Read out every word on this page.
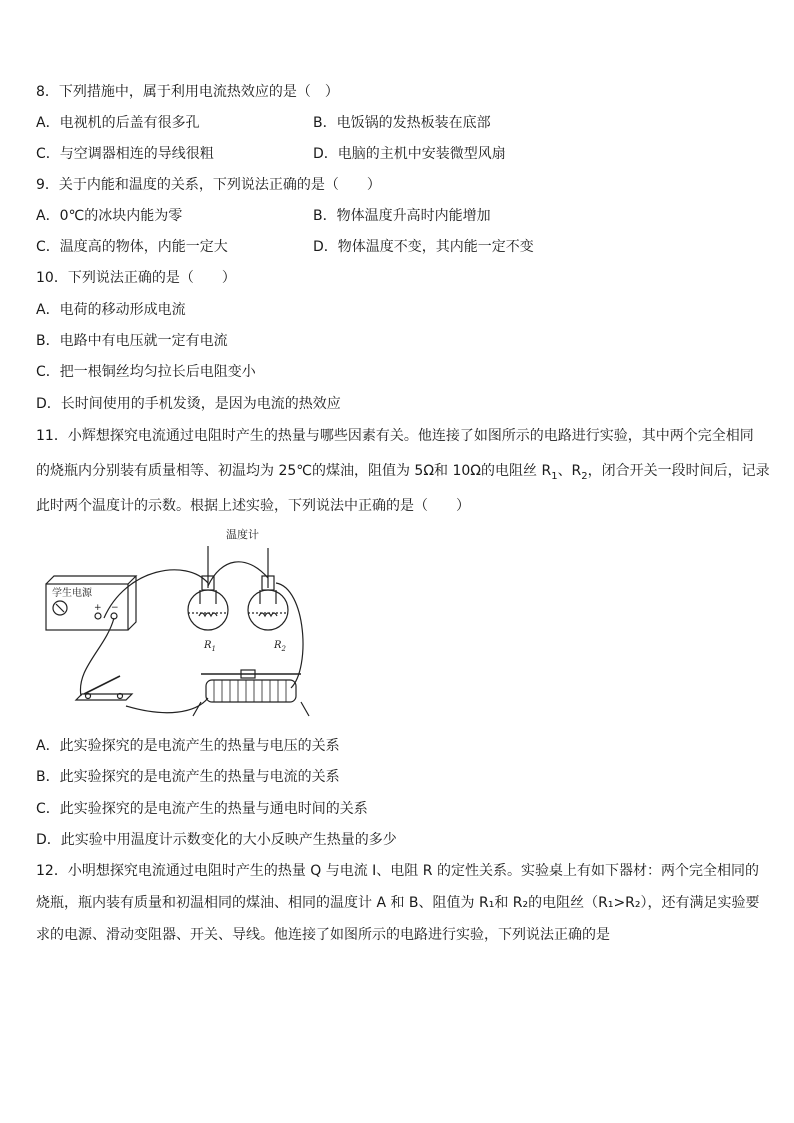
8．下列措施中，属于利用电流热效应的是（　）
A．电视机的后盖有很多孔	B．电饭锅的发热板装在底部
C．与空调器相连的导线很粗	D．电脑的主机中安装微型风扇
9．关于内能和温度的关系，下列说法正确的是（　　）
A．0℃的冰块内能为零	B．物体温度升高时内能增加
C．温度高的物体，内能一定大	D．物体温度不变，其内能一定不变
10．下列说法正确的是（　　）
A．电荷的移动形成电流
B．电路中有电压就一定有电流
C．把一根铜丝均匀拉长后电阻变小
D．长时间使用的手机发烫，是因为电流的热效应
11．小辉想探究电流通过电阻时产生的热量与哪些因素有关。他连接了如图所示的电路进行实验，其中两个完全相同
的烧瓶内分别装有质量相等、初温均为 25℃的煤油，阻值为 5Ω和 10Ω的电阻丝 $R_1$、$R_2$，闭合开关一段时间后，记录
此时两个温度计的示数。根据上述实验，下列说法中正确的是（　　）
温度计
学生电源
+ −
$R_1$	$R_2$
A．此实验探究的是电流产生的热量与电压的关系
B．此实验探究的是电流产生的热量与电流的关系
C．此实验探究的是电流产生的热量与通电时间的关系
D．此实验中用温度计示数变化的大小反映产生热量的多少
12．小明想探究电流通过电阻时产生的热量 Q 与电流 I、电阻 R 的定性关系。实验桌上有如下器材：两个完全相同的
烧瓶，瓶内装有质量和初温相同的煤油、相同的温度计 A 和 B、阻值为 R₁和 R₂的电阻丝（R₁>R₂），还有满足实验要
求的电源、滑动变阻器、开关、导线。他连接了如图所示的电路进行实验，下列说法正确的是
